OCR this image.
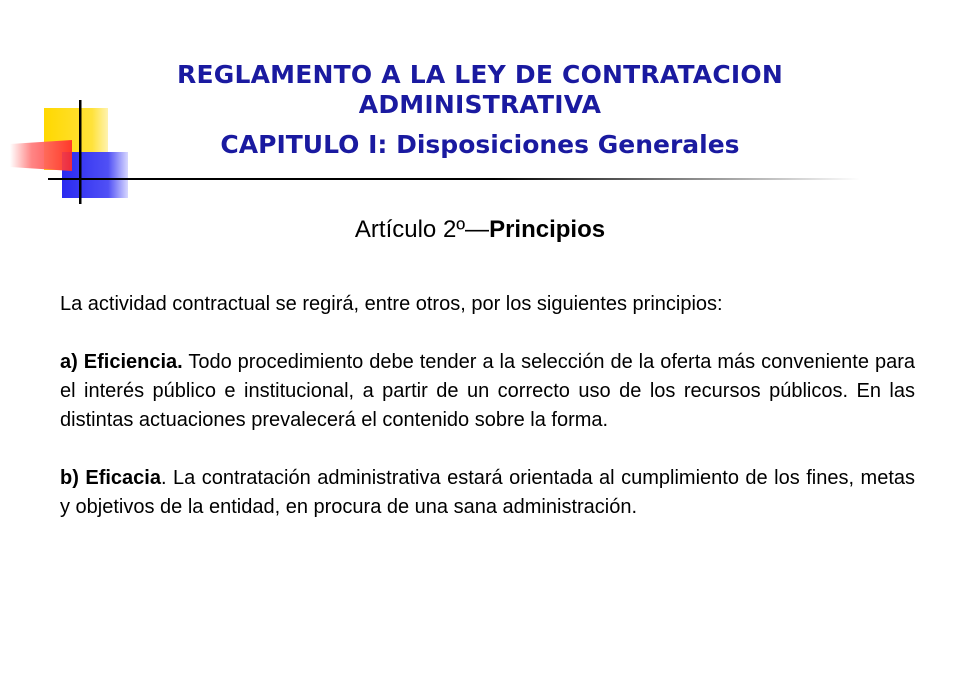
REGLAMENTO A LA LEY DE CONTRATACION
ADMINISTRATIVA
CAPITULO I: Disposiciones Generales
Artículo 2º—Principios

La actividad contractual se regirá, entre otros, por los siguientes principios:

a) Eficiencia. Todo procedimiento debe tender a la selección de la oferta más conveniente para el interés público e institucional, a partir de un correcto uso de los recursos públicos. En las distintas actuaciones prevalecerá el contenido sobre la forma.

b) Eficacia. La contratación administrativa estará orientada al cumplimiento de los fines, metas y objetivos de la entidad, en procura de una sana administración.
